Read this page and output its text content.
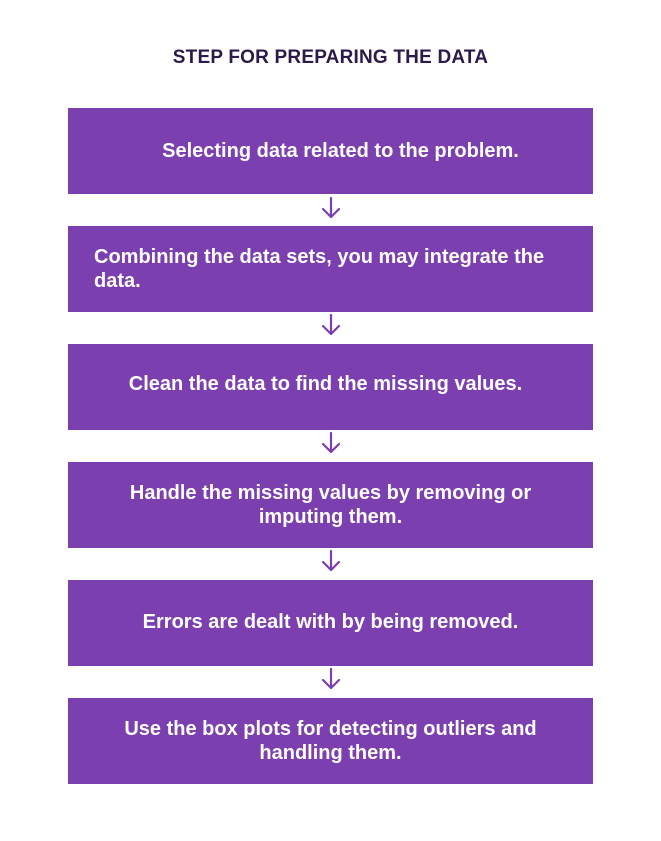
STEP FOR PREPARING THE DATA
Selecting data related to the problem.
Combining the data sets, you may integrate the data.
Clean the data to find the missing values.
Handle the missing values by removing or imputing them.
Errors are dealt with by being removed.
Use the box plots for detecting outliers and handling them.
